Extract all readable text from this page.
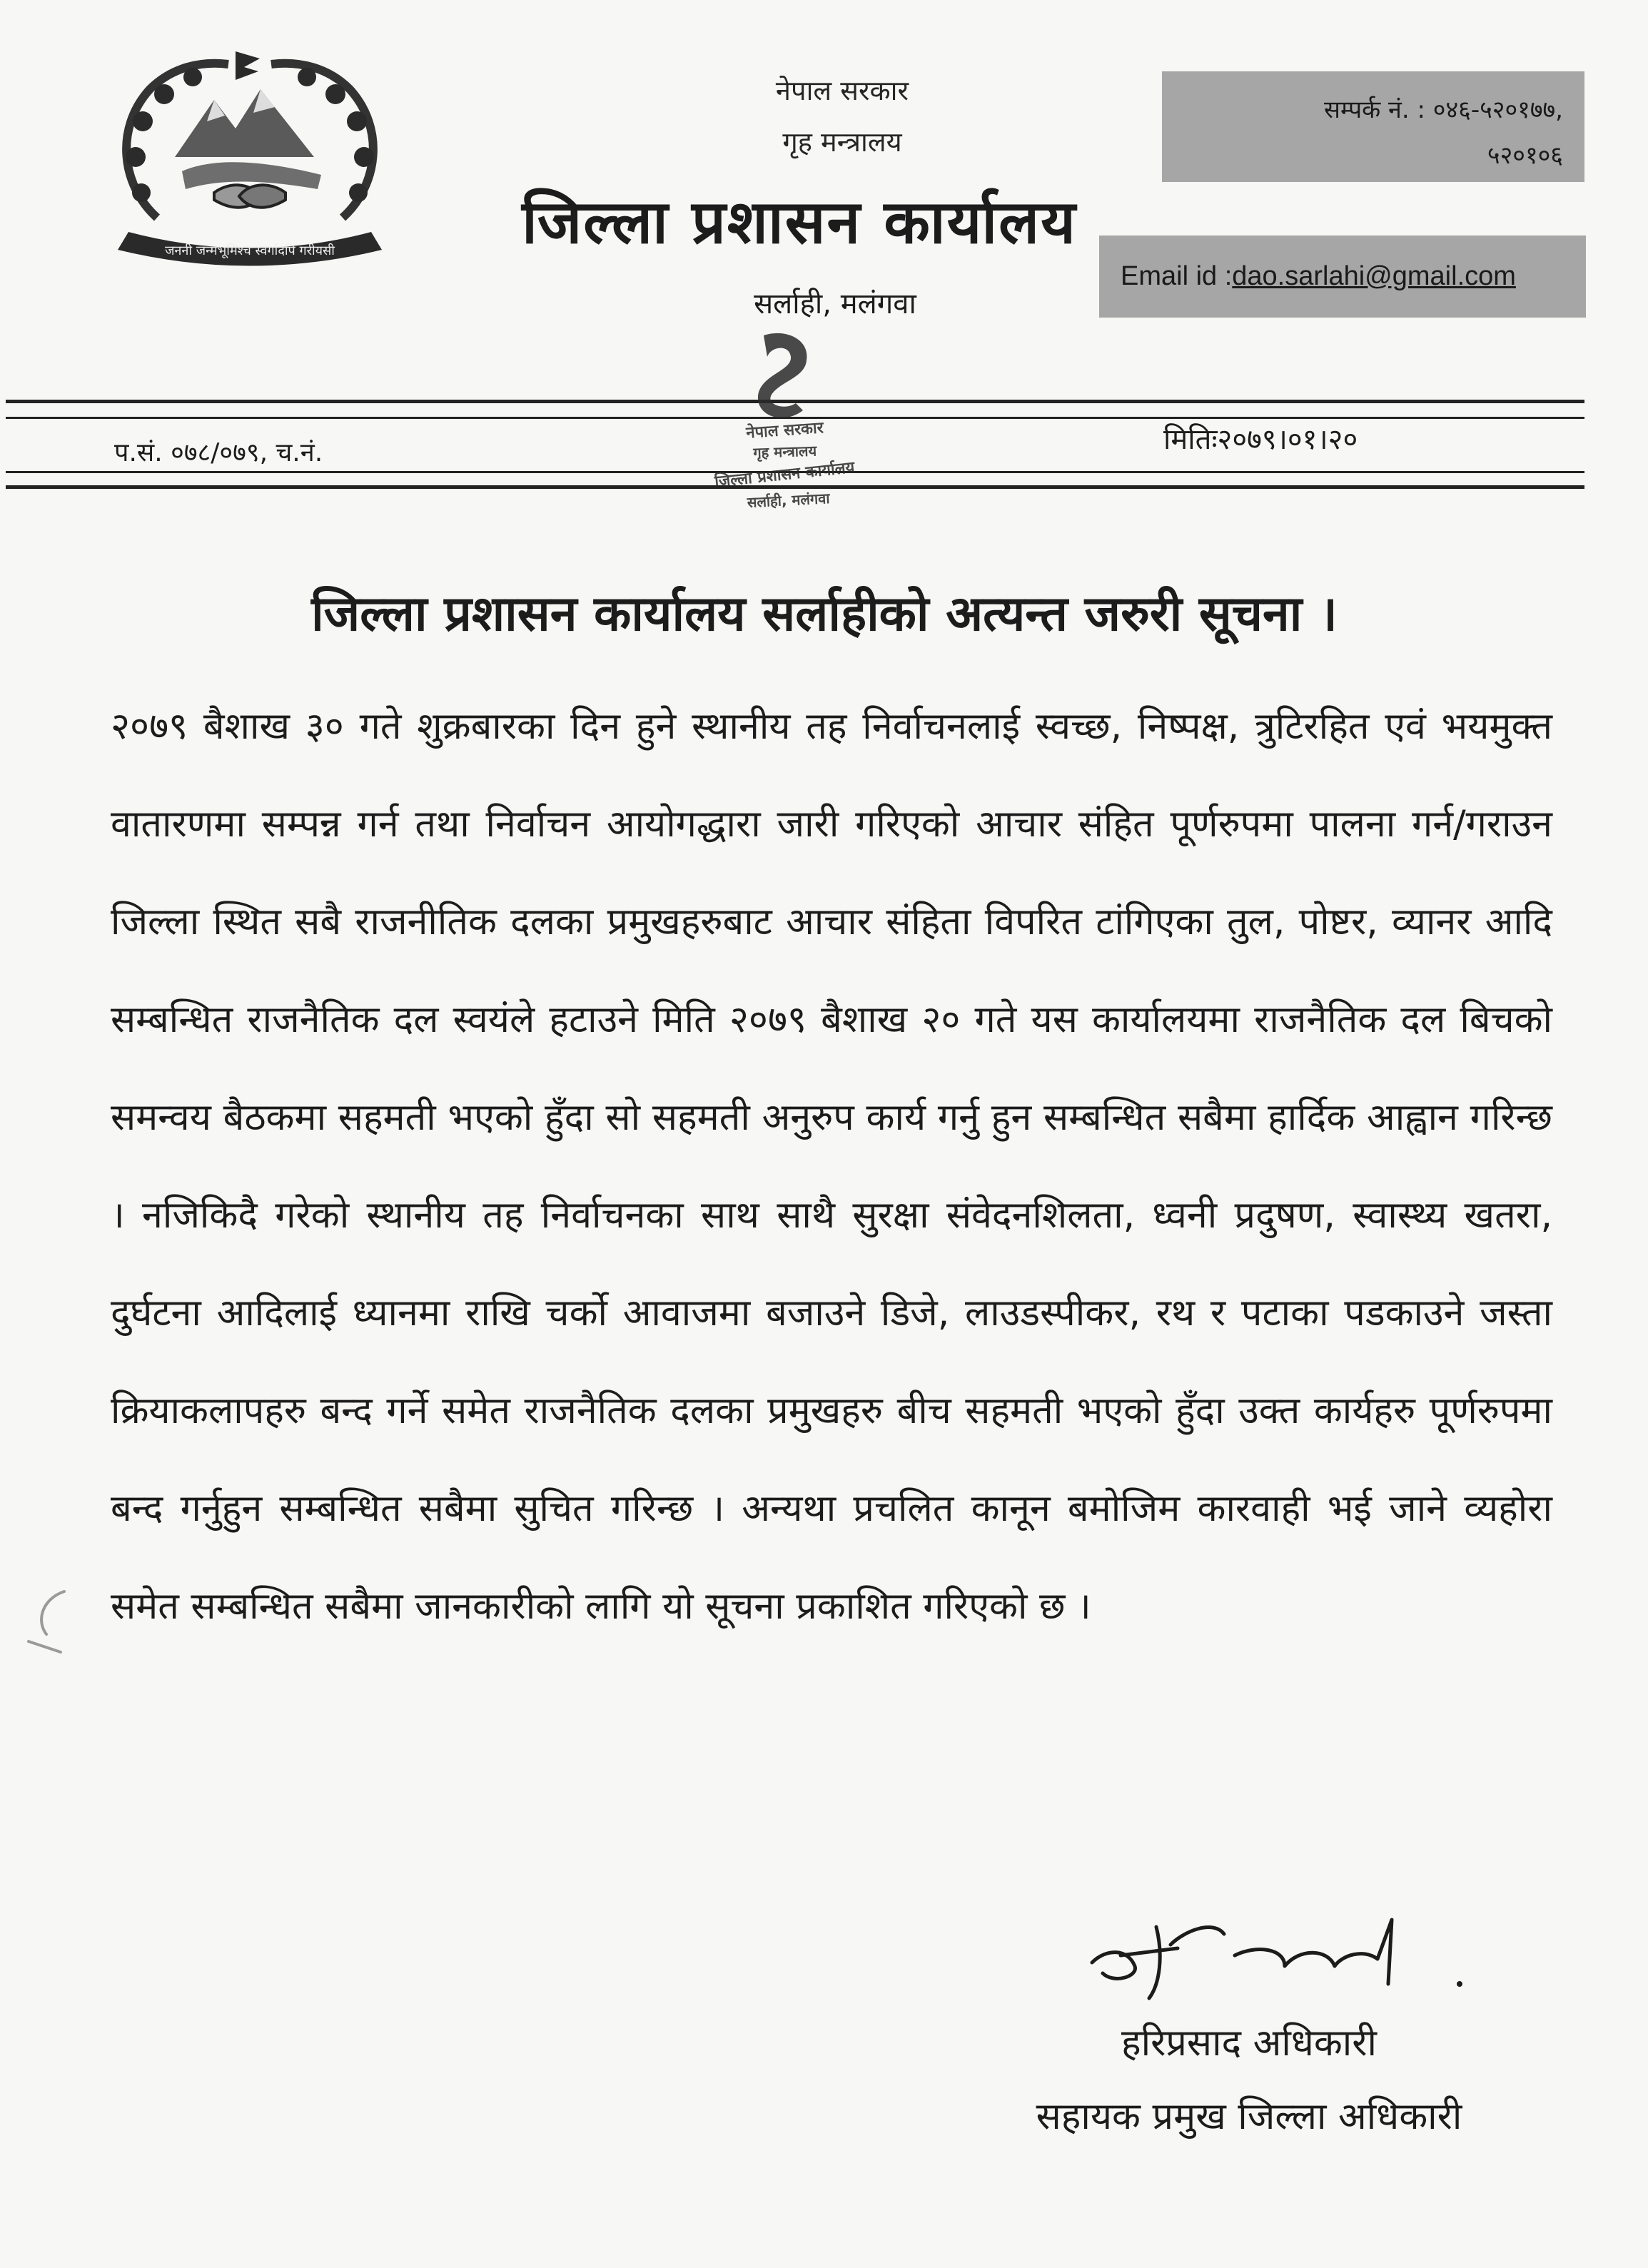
जननी जन्मभूमिश्च स्वर्गादपि गरीयसी
नेपाल सरकार
गृह मन्त्रालय
जिल्ला प्रशासन कार्यालय
सर्लाही, मलंगवा
सम्पर्क नं. : ०४६-५२०१७७,
५२०१०६
Email id : dao.sarlahi@gmail.com
प.सं. ०७८/०७९, च.नं.	मितिः२०७९।०१।२०
नेपाल सरकार
गृह मन्त्रालय
जिल्ला प्रशासन कार्यालय
सर्लाही, मलंगवा
जिल्ला प्रशासन कार्यालय सर्लाहीको अत्यन्त जरुरी सूचना ।
२०७९ बैशाख ३० गते शुक्रबारका दिन हुने स्थानीय तह निर्वाचनलाई स्वच्छ, निष्पक्ष, त्रुटिरहित एवं भयमुक्त वातारणमा सम्पन्न गर्न तथा निर्वाचन आयोगद्धारा जारी गरिएको आचार संहित पूर्णरुपमा पालना गर्न/गराउन जिल्ला स्थित सबै राजनीतिक दलका प्रमुखहरुबाट आचार संहिता विपरित टांगिएका तुल, पोष्टर, व्यानर आदि सम्बन्धित राजनैतिक दल स्वयंले हटाउने मिति २०७९ बैशाख २० गते यस कार्यालयमा राजनैतिक दल बिचको समन्वय बैठकमा सहमती भएको हुँदा सो सहमती अनुरुप कार्य गर्नु हुन सम्बन्धित सबैमा हार्दिक आह्वान गरिन्छ । नजिकिदै गरेको स्थानीय तह निर्वाचनका साथ साथै सुरक्षा संवेदनशिलता, ध्वनी प्रदुषण, स्वास्थ्य खतरा, दुर्घटना आदिलाई ध्यानमा राखि चर्को आवाजमा बजाउने डिजे, लाउडस्पीकर, रथ र पटाका पडकाउने जस्ता क्रियाकलापहरु बन्द गर्ने समेत राजनैतिक दलका प्रमुखहरु बीच सहमती भएको हुँदा उक्त कार्यहरु पूर्णरुपमा बन्द गर्नुहुन सम्बन्धित सबैमा सुचित गरिन्छ । अन्यथा प्रचलित कानून बमोजिम कारवाही भई जाने व्यहोरा समेत सम्बन्धित सबैमा जानकारीको लागि यो सूचना प्रकाशित गरिएको छ ।
हरिप्रसाद अधिकारी
सहायक प्रमुख जिल्ला अधिकारी
